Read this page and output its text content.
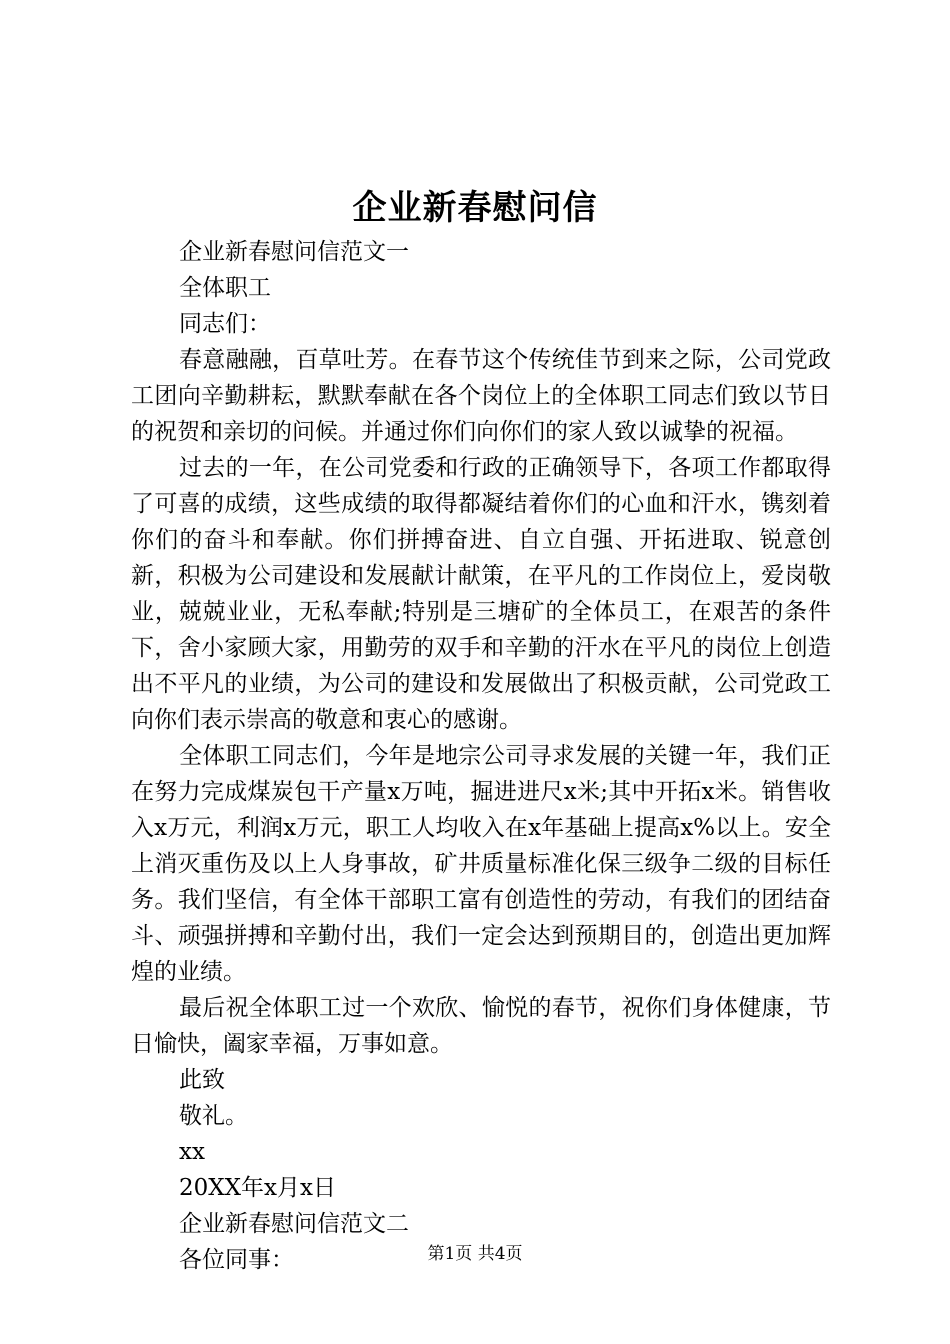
企业新春慰问信

企业新春慰问信范文一

全体职工

同志们：

春意融融，百草吐芳。在春节这个传统佳节到来之际，公司党政工团向辛勤耕耘，默默奉献在各个岗位上的全体职工同志们致以节日的祝贺和亲切的问候。并通过你们向你们的家人致以诚挚的祝福。

过去的一年，在公司党委和行政的正确领导下，各项工作都取得了可喜的成绩，这些成绩的取得都凝结着你们的心血和汗水，镌刻着你们的奋斗和奉献。你们拼搏奋进、自立自强、开拓进取、锐意创新，积极为公司建设和发展献计献策，在平凡的工作岗位上，爱岗敬业，兢兢业业，无私奉献;特别是三塘矿的全体员工，在艰苦的条件下，舍小家顾大家，用勤劳的双手和辛勤的汗水在平凡的岗位上创造出不平凡的业绩，为公司的建设和发展做出了积极贡献，公司党政工向你们表示崇高的敬意和衷心的感谢。

全体职工同志们，今年是地宗公司寻求发展的关键一年，我们正在努力完成煤炭包干产量x万吨，掘进进尺x米;其中开拓x米。销售收入x万元，利润x万元，职工人均收入在x年基础上提高x%以上。安全上消灭重伤及以上人身事故，矿井质量标准化保三级争二级的目标任务。我们坚信，有全体干部职工富有创造性的劳动，有我们的团结奋斗、顽强拼搏和辛勤付出，我们一定会达到预期目的，创造出更加辉煌的业绩。

最后祝全体职工过一个欢欣、愉悦的春节，祝你们身体健康，节日愉快，阖家幸福，万事如意。

此致

敬礼。

xx

20XX年x月x日

企业新春慰问信范文二

各位同事：	第1页 共4页
